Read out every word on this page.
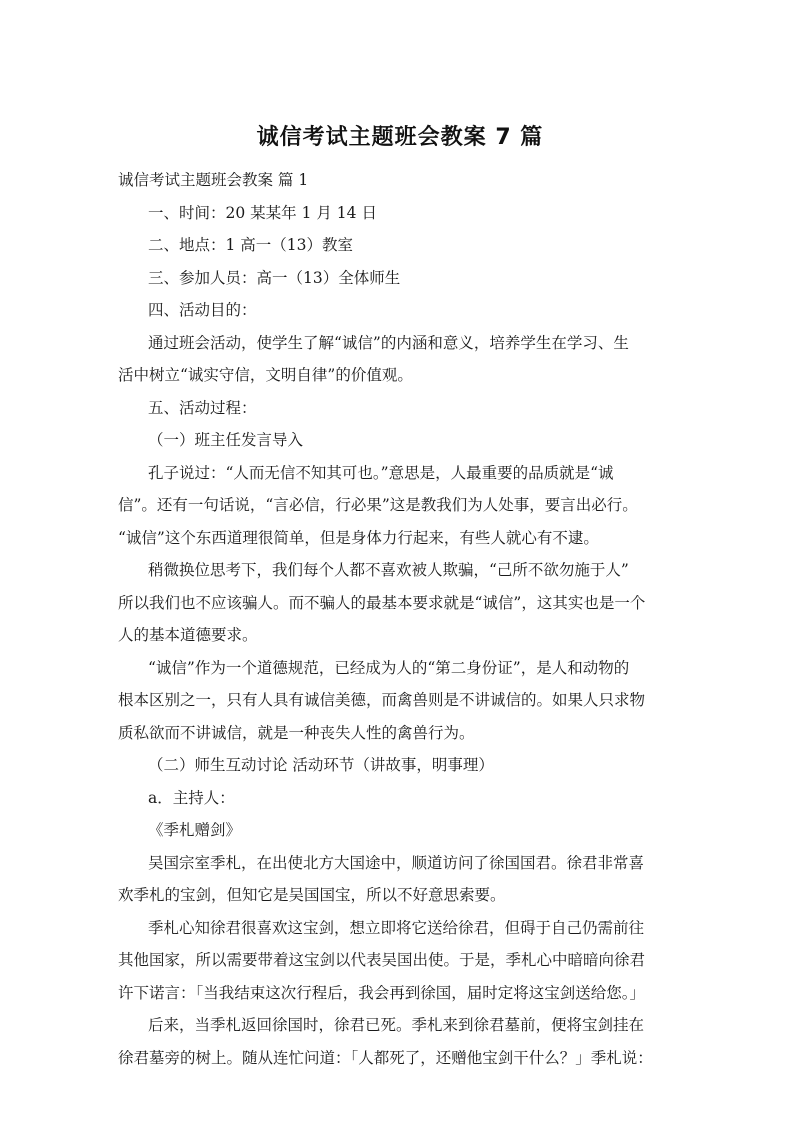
诚信考试主题班会教案 7 篇
诚信考试主题班会教案 篇 1
一、时间：20 某某年 1 月 14 日
二、地点：1 高一（13）教室
三、参加人员：高一（13）全体师生
四、活动目的：
通过班会活动，使学生了解“诚信”的内涵和意义，培养学生在学习、生
活中树立“诚实守信，文明自律”的价值观。
五、活动过程：
（一）班主任发言导入
孔子说过：“人而无信不知其可也。”意思是，人最重要的品质就是“诚
信”。还有一句话说，“言必信，行必果”这是教我们为人处事，要言出必行。
“诚信”这个东西道理很简单，但是身体力行起来，有些人就心有不逮。
稍微换位思考下，我们每个人都不喜欢被人欺骗，“己所不欲勿施于人”
所以我们也不应该骗人。而不骗人的最基本要求就是“诚信”，这其实也是一个
人的基本道德要求。
“诚信”作为一个道德规范，已经成为人的“第二身份证”，是人和动物的
根本区别之一，只有人具有诚信美德，而禽兽则是不讲诚信的。如果人只求物
质私欲而不讲诚信，就是一种丧失人性的禽兽行为。
（二）师生互动讨论 活动环节（讲故事，明事理）
a．主持人：
《季札赠剑》
吴国宗室季札，在出使北方大国途中，顺道访问了徐国国君。徐君非常喜
欢季札的宝剑，但知它是吴国国宝，所以不好意思索要。
季札心知徐君很喜欢这宝剑，想立即将它送给徐君，但碍于自己仍需前往
其他国家，所以需要带着这宝剑以代表吴国出使。于是，季札心中暗暗向徐君
许下诺言：「当我结束这次行程后，我会再到徐国，届时定将这宝剑送给您。」
后来，当季札返回徐国时，徐君已死。季札来到徐君墓前，便将宝剑挂在
徐君墓旁的树上。随从连忙问道：「人都死了，还赠他宝剑干什么？」季札说：
